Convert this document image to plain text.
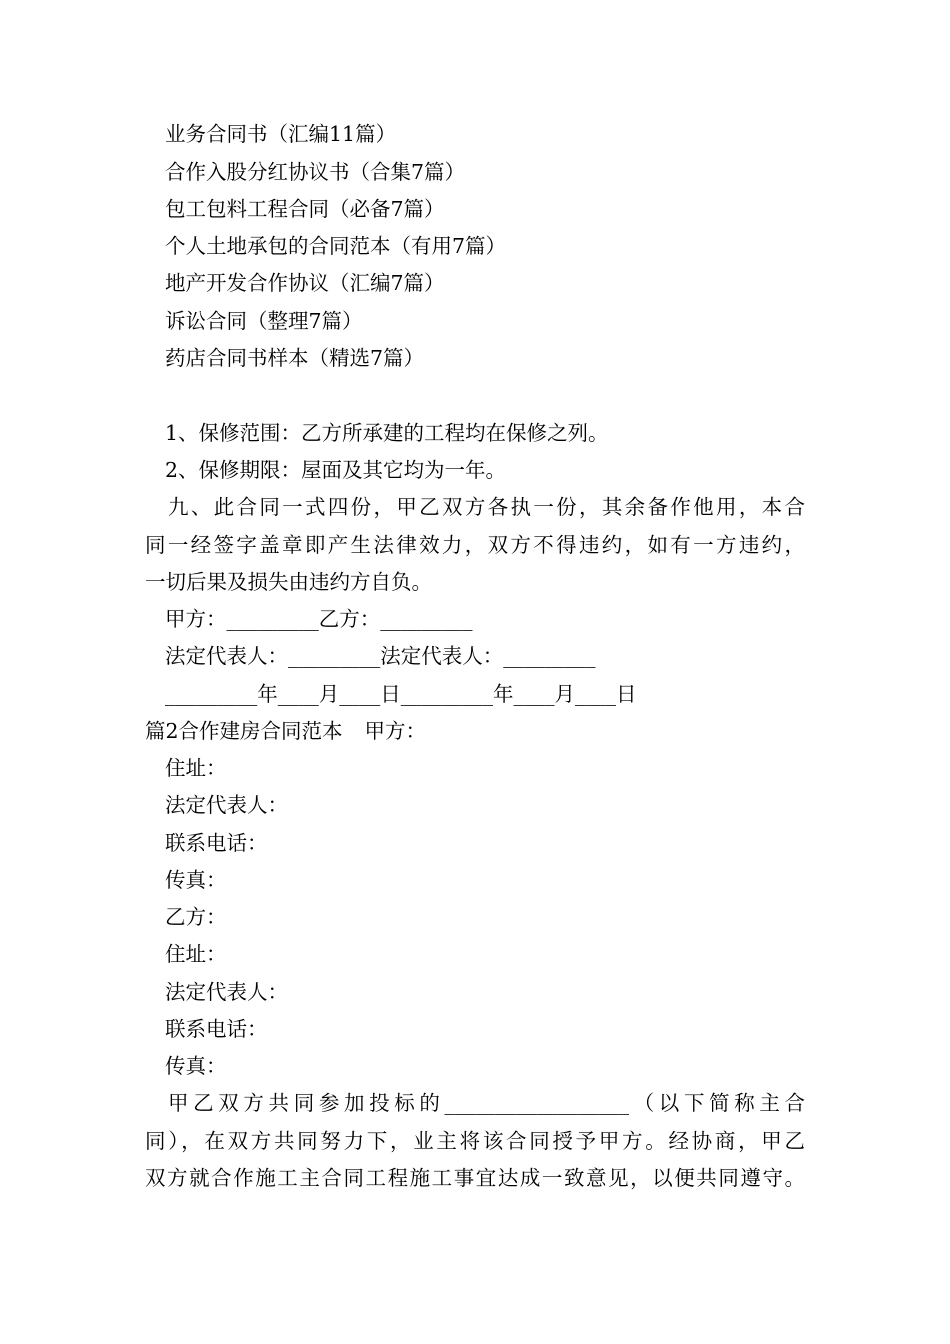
业务合同书（汇编11篇）
合作入股分红协议书（合集7篇）
包工包料工程合同（必备7篇）
个人土地承包的合同范本（有用7篇）
地产开发合作协议（汇编7篇）
诉讼合同（整理7篇）
药店合同书样本（精选7篇）
1、保修范围：乙方所承建的工程均在保修之列。
2、保修期限：屋面及其它均为一年。
九、此合同一式四份，甲乙双方各执一份，其余备作他用，本合
同一经签字盖章即产生法律效力，双方不得违约，如有一方违约，
一切后果及损失由违约方自负。
甲方：_________乙方：_________
法定代表人：_________法定代表人：_________
_________年____月____日_________年____月____日
篇2合作建房合同范本 甲方：
住址：
法定代表人：
联系电话：
传真：
乙方：
住址：
法定代表人：
联系电话：
传真：
甲乙双方共同参加投标的__________________（以下简称主合
同），在双方共同努力下，业主将该合同授予甲方。经协商，甲乙
双方就合作施工主合同工程施工事宜达成一致意见，以便共同遵守。
